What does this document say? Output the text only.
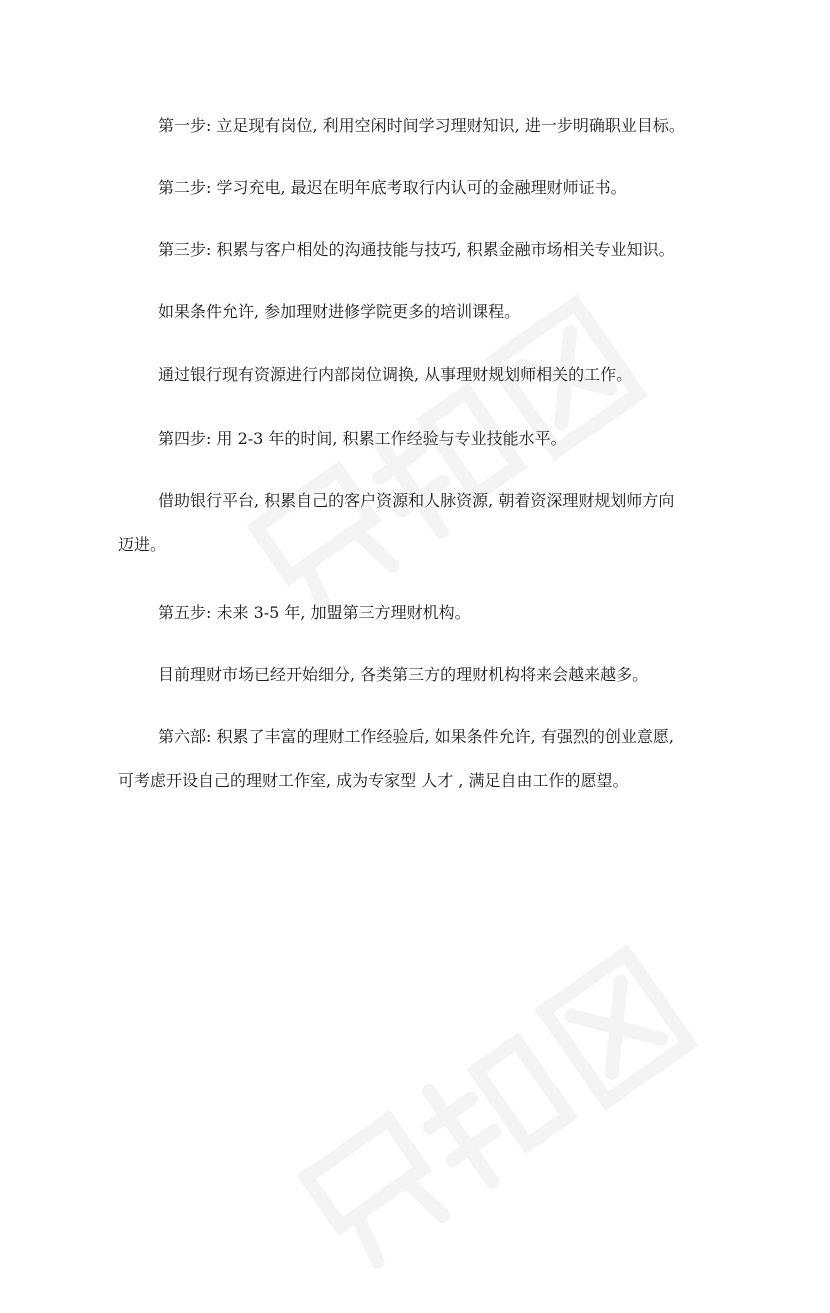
第一步: 立足现有岗位, 利用空闲时间学习理财知识, 进一步明确职业目标。

第二步: 学习充电, 最迟在明年底考取行内认可的金融理财师证书。

第三步: 积累与客户相处的沟通技能与技巧, 积累金融市场相关专业知识。

如果条件允许, 参加理财进修学院更多的培训课程。

通过银行现有资源进行内部岗位调换, 从事理财规划师相关的工作。

第四步: 用 2-3 年的时间, 积累工作经验与专业技能水平。

借助银行平台, 积累自己的客户资源和人脉资源, 朝着资深理财规划师方向
迈进。

第五步: 未来 3-5 年, 加盟第三方理财机构。

目前理财市场已经开始细分, 各类第三方的理财机构将来会越来越多。

第六部: 积累了丰富的理财工作经验后, 如果条件允许, 有强烈的创业意愿,
可考虑开设自己的理财工作室, 成为专家型 人才 , 满足自由工作的愿望。
